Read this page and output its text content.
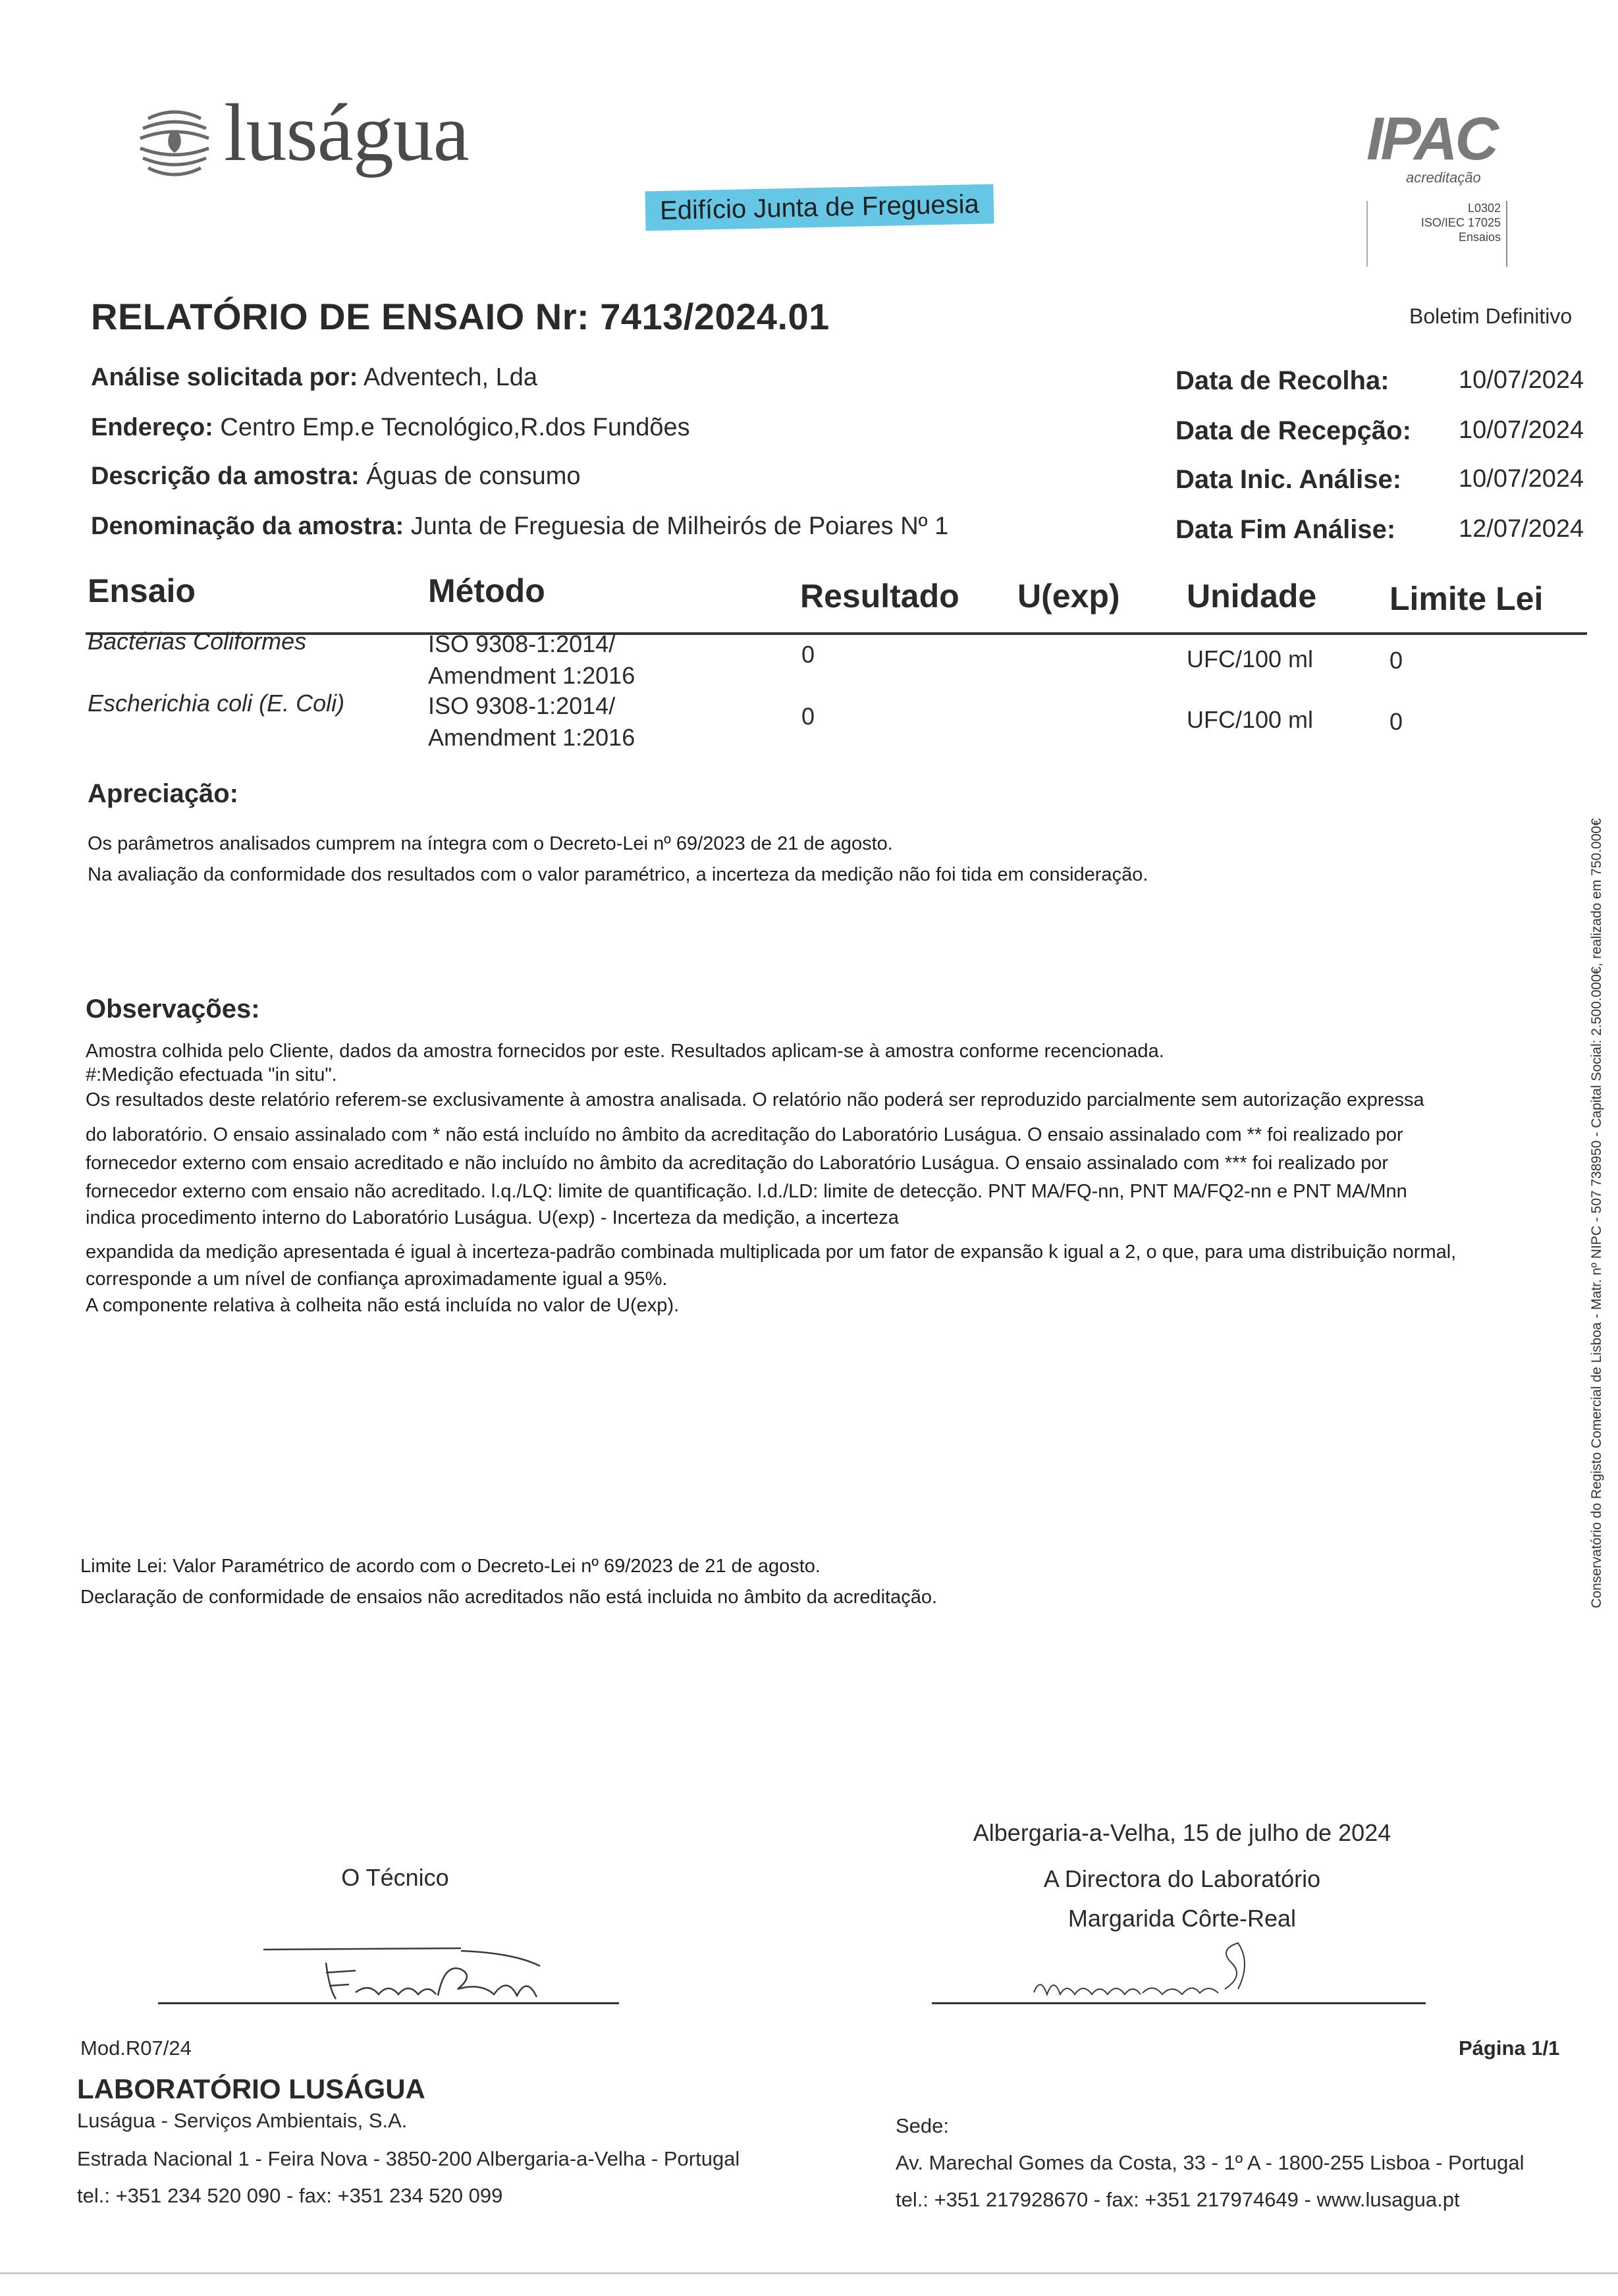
luságua
Edifício Junta de Freguesia
IPAC
acreditação
L0302
ISO/IEC 17025
Ensaios
RELATÓRIO DE ENSAIO Nr: 7413/2024.01	Boletim Definitivo
Análise solicitada por: Adventech, Lda
Endereço: Centro Emp.e Tecnológico,R.dos Fundões
Descrição da amostra: Águas de consumo
Denominação da amostra: Junta de Freguesia de Milheirós de Poiares Nº 1
Data de Recolha:	10/07/2024
Data de Recepção: 10/07/2024
Data Inic. Análise: 10/07/2024
Data Fim Análise:	12/07/2024
Ensaio	Método	Resultado U(exp) Unidade Limite Lei
Bactérias Coliformes	ISO 9308-1:2014/
Amendment 1:2016
0	UFC/100 ml	0
Escherichia coli (E. Coli)	ISO 9308-1:2014/
Amendment 1:2016
0	UFC/100 ml	0
Apreciação:
Os parâmetros analisados cumprem na íntegra com o Decreto-Lei nº 69/2023 de 21 de agosto.
Na avaliação da conformidade dos resultados com o valor paramétrico, a incerteza da medição não foi tida em consideração.
Observações:
Amostra colhida pelo Cliente, dados da amostra fornecidos por este. Resultados aplicam-se à amostra conforme recencionada.
#:Medição efectuada "in situ".
Os resultados deste relatório referem-se exclusivamente à amostra analisada. O relatório não poderá ser reproduzido parcialmente sem autorização expressa
do laboratório. O ensaio assinalado com * não está incluído no âmbito da acreditação do Laboratório Luságua. O ensaio assinalado com ** foi realizado por
fornecedor externo com ensaio acreditado e não incluído no âmbito da acreditação do Laboratório Luságua. O ensaio assinalado com *** foi realizado por
fornecedor externo com ensaio não acreditado. l.q./LQ: limite de quantificação. l.d./LD: limite de detecção. PNT MA/FQ-nn, PNT MA/FQ2-nn e PNT MA/Mnn
indica procedimento interno do Laboratório Luságua. U(exp) - Incerteza da medição, a incerteza
expandida da medição apresentada é igual à incerteza-padrão combinada multiplicada por um fator de expansão k igual a 2, o que, para uma distribuição normal,
corresponde a um nível de confiança aproximadamente igual a 95%.
A componente relativa à colheita não está incluída no valor de U(exp).
Limite Lei: Valor Paramétrico de acordo com o Decreto-Lei nº 69/2023 de 21 de agosto.
Declaração de conformidade de ensaios não acreditados não está incluida no âmbito da acreditação.
Albergaria-a-Velha, 15 de julho de 2024
O Técnico	A Directora do Laboratório
Margarida Côrte-Real
Mod.R07/24	Página 1/1
LABORATÓRIO LUSÁGUA
Luságua - Serviços Ambientais, S.A.
Estrada Nacional 1 - Feira Nova - 3850-200 Albergaria-a-Velha - Portugal
tel.: +351 234 520 090 - fax: +351 234 520 099
Sede:
Av. Marechal Gomes da Costa, 33 - 1º A - 1800-255 Lisboa - Portugal
tel.: +351 217928670 - fax: +351 217974649 - www.lusagua.pt
Conservatório do Registo Comercial de Lisboa - Matr. nº NIPC - 507 738950 - Capital Social: 2.500.000€, realizado em 750.000€
